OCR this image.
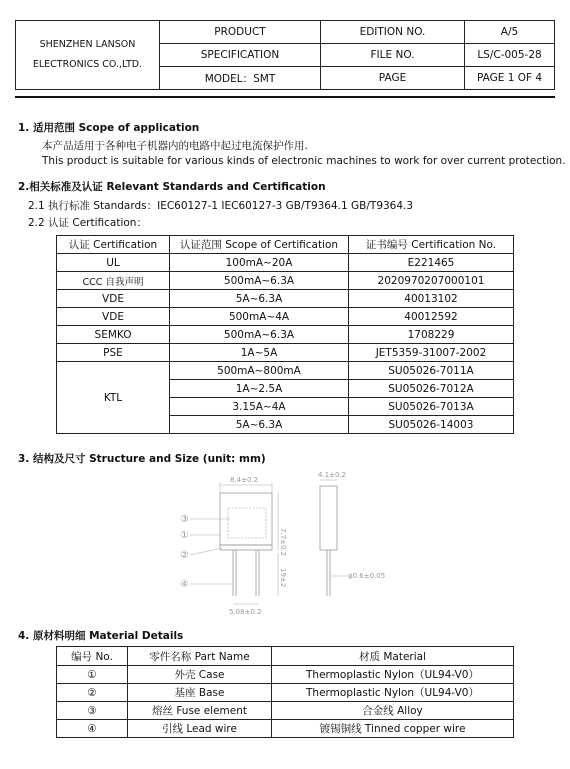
SHENZHEN LANSON
ELECTRONICS CO.,LTD.	PRODUCT	EDITION NO.	A/5
	SPECIFICATION	FILE NO.	LS/C-005-28
	MODEL：SMT	PAGE	PAGE 1 OF 4
1. 适用范围 Scope of application
本产品适用于各种电子机器内的电路中起过电流保护作用.
This product is suitable for various kinds of electronic machines to work for over current protection.
2.相关标准及认证 Relevant Standards and Certification
2.1 执行标准 Standards：IEC60127-1 IEC60127-3 GB/T9364.1 GB/T9364.3
2.2 认证 Certification：
认证 Certification	认证范围 Scope of Certification	证书编号 Certification No.
UL	100mA~20A	E221465
CCC 自我声明	500mA~6.3A	2020970207000101
VDE	5A~6.3A	40013102
VDE	500mA~4A	40012592
SEMKO	500mA~6.3A	1708229
PSE	1A~5A	JET5359-31007-2002
KTL	500mA~800mA	SU05026-7011A
	1A~2.5A	SU05026-7012A
	3.15A~4A	SU05026-7013A
	5A~6.3A	SU05026-14003
3. 结构及尺寸 Structure and Size (unit: mm)
8.4±0.2
7.7±0.2
19±2
5.08±0.2
③
①
②
④
4.1±0.2
φ0.6±0.05
4. 原材料明细 Material Details
编号 No.	零件名称 Part Name	材质 Material
①	外壳 Case	Thermoplastic Nylon（UL94-V0）
②	基座 Base	Thermoplastic Nylon（UL94-V0）
③	熔丝 Fuse element	合金线 Alloy
④	引线 Lead wire	镀锡铜线 Tinned copper wire
